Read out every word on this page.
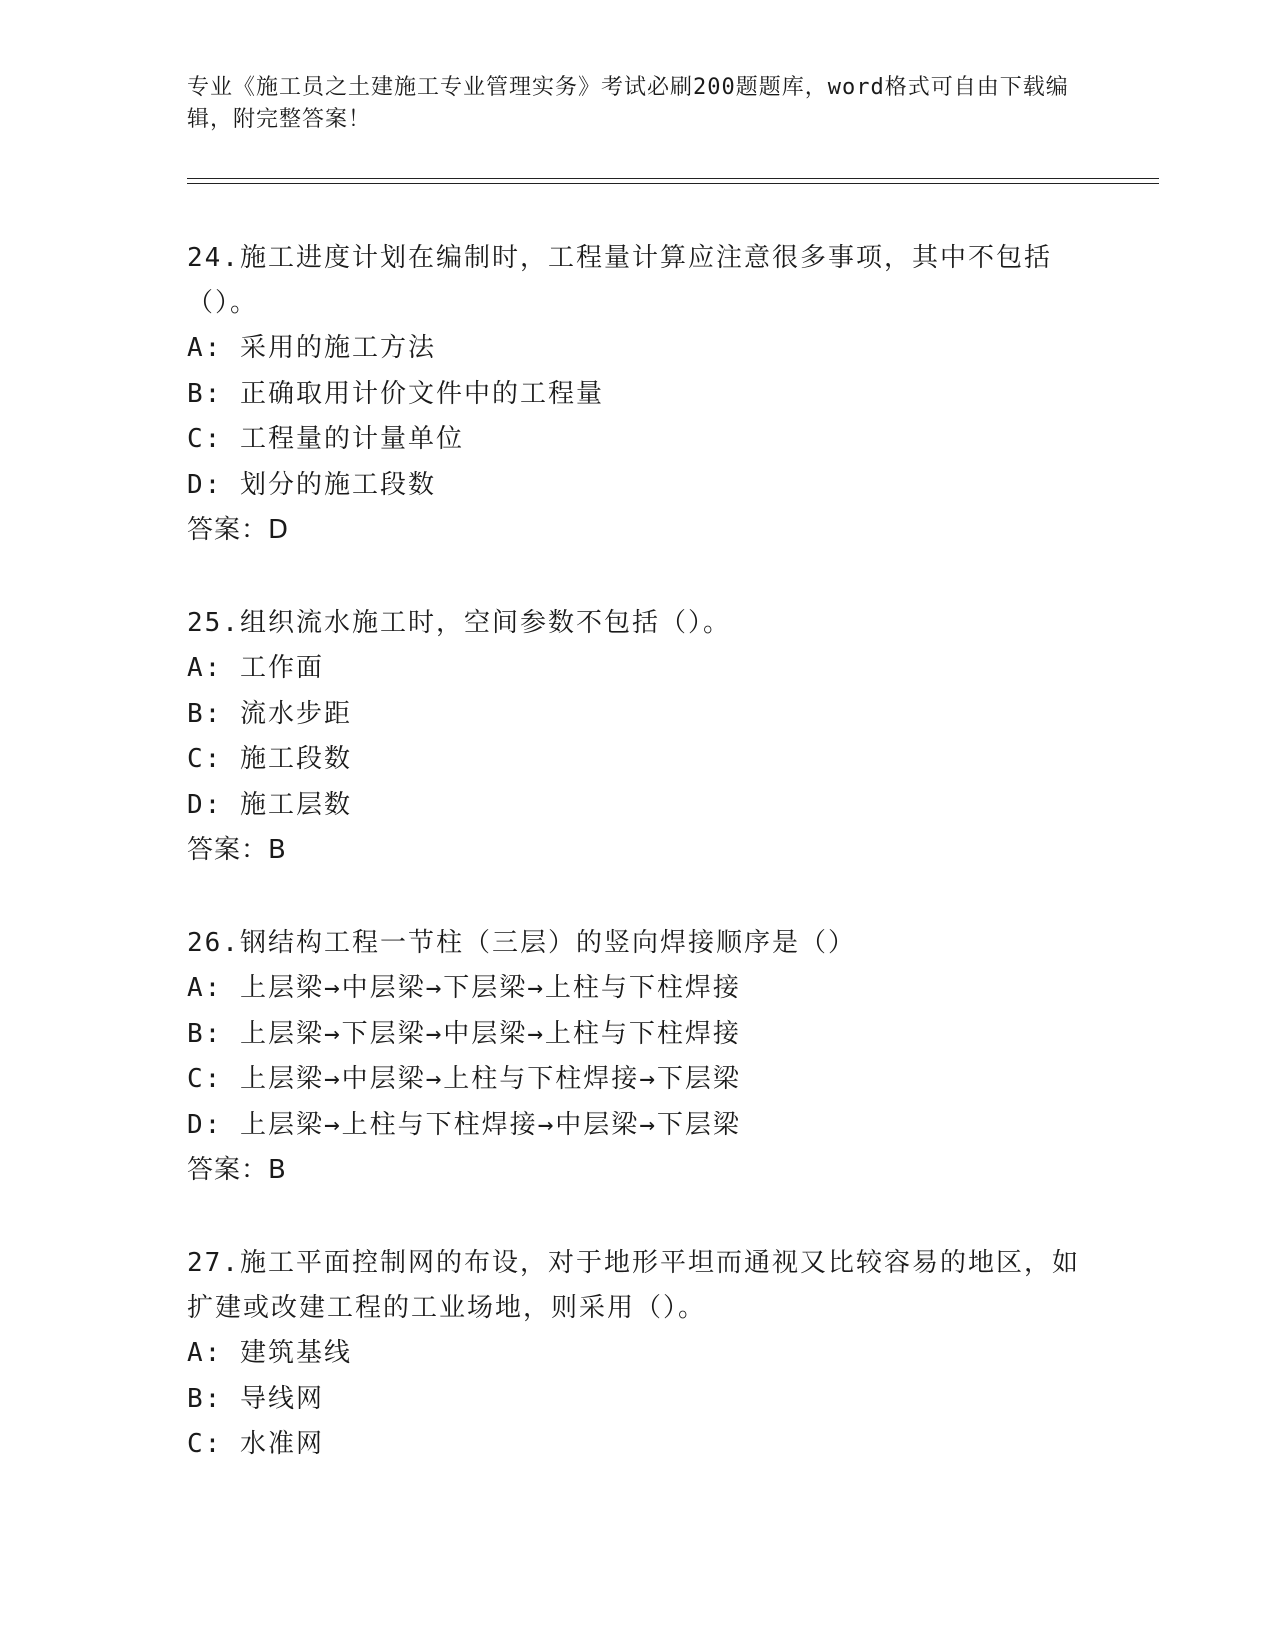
专业《施工员之土建施工专业管理实务》考试必刷200题题库，word格式可自由下载编辑，附完整答案！
24.施工进度计划在编制时，工程量计算应注意很多事项，其中不包括（）。
A: 采用的施工方法
B: 正确取用计价文件中的工程量
C: 工程量的计量单位
D: 划分的施工段数
答案：D
25.组织流水施工时，空间参数不包括（）。
A: 工作面
B: 流水步距
C: 施工段数
D: 施工层数
答案：B
26.钢结构工程一节柱（三层）的竖向焊接顺序是（）
A: 上层梁→中层梁→下层梁→上柱与下柱焊接
B: 上层梁→下层梁→中层梁→上柱与下柱焊接
C: 上层梁→中层梁→上柱与下柱焊接→下层梁
D: 上层梁→上柱与下柱焊接→中层梁→下层梁
答案：B
27.施工平面控制网的布设，对于地形平坦而通视又比较容易的地区，如扩建或改建工程的工业场地，则采用（）。
A: 建筑基线
B: 导线网
C: 水准网
